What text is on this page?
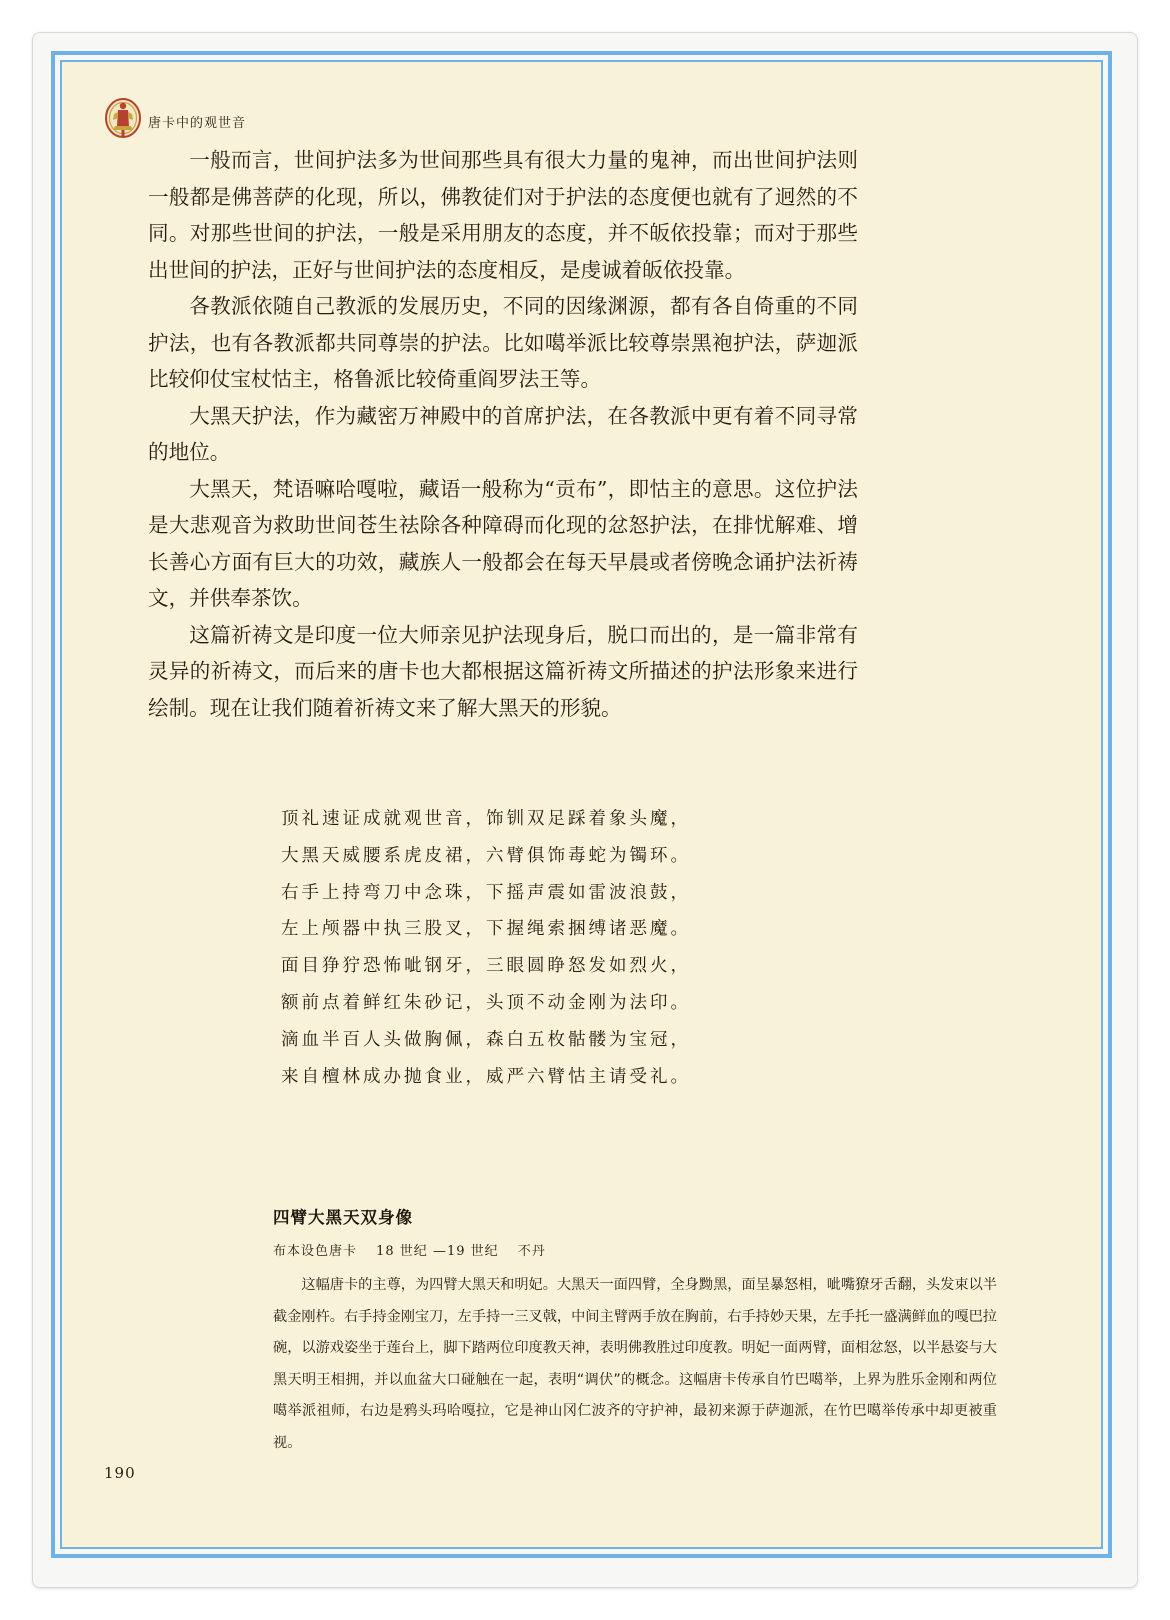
唐卡中的观世音

一般而言，世间护法多为世间那些具有很大力量的鬼神，而出世间护法则一般都是佛菩萨的化现，所以，佛教徒们对于护法的态度便也就有了迥然的不同。对那些世间的护法，一般是采用朋友的态度，并不皈依投靠；而对于那些出世间的护法，正好与世间护法的态度相反，是虔诚着皈依投靠。

各教派依随自己教派的发展历史，不同的因缘渊源，都有各自倚重的不同护法，也有各教派都共同尊崇的护法。比如噶举派比较尊崇黑袍护法，萨迦派比较仰仗宝杖怙主，格鲁派比较倚重阎罗法王等。

大黑天护法，作为藏密万神殿中的首席护法，在各教派中更有着不同寻常的地位。

大黑天，梵语嘛哈嘎啦，藏语一般称为“贡布”，即怙主的意思。这位护法是大悲观音为救助世间苍生祛除各种障碍而化现的忿怒护法，在排忧解难、增长善心方面有巨大的功效，藏族人一般都会在每天早晨或者傍晚念诵护法祈祷文，并供奉茶饮。

这篇祈祷文是印度一位大师亲见护法现身后，脱口而出的，是一篇非常有灵异的祈祷文，而后来的唐卡也大都根据这篇祈祷文所描述的护法形象来进行绘制。现在让我们随着祈祷文来了解大黑天的形貌。

顶礼速证成就观世音，饰钏双足踩着象头魔，
大黑天威腰系虎皮裙，六臂俱饰毒蛇为镯环。
右手上持弯刀中念珠，下摇声震如雷波浪鼓，
左上颅器中执三股叉，下握绳索捆缚诸恶魔。
面目狰狞恐怖呲钢牙，三眼圆睁怒发如烈火，
额前点着鲜红朱砂记，头顶不动金刚为法印。
滴血半百人头做胸佩，森白五枚骷髅为宝冠，
来自檀林成办抛食业，威严六臂怙主请受礼。
四臂大黑天双身像
布本设色唐卡　 18 世纪 —19 世纪　 不丹
这幅唐卡的主尊，为四臂大黑天和明妃。大黑天一面四臂，全身黝黑，面呈暴怒相，呲嘴獠牙舌翻，头发束以半截金刚杵。右手持金刚宝刀，左手持一三叉戟，中间主臂两手放在胸前，右手持妙天果，左手托一盛满鲜血的嘎巴拉碗，以游戏姿坐于莲台上，脚下踏两位印度教天神，表明佛教胜过印度教。明妃一面两臂，面相忿怒，以半悬姿与大黑天明王相拥，并以血盆大口碰触在一起，表明“调伏”的概念。这幅唐卡传承自竹巴噶举，上界为胜乐金刚和两位噶举派祖师，右边是鸦头玛哈嘎拉，它是神山冈仁波齐的守护神，最初来源于萨迦派，在竹巴噶举传承中却更被重视。
190
